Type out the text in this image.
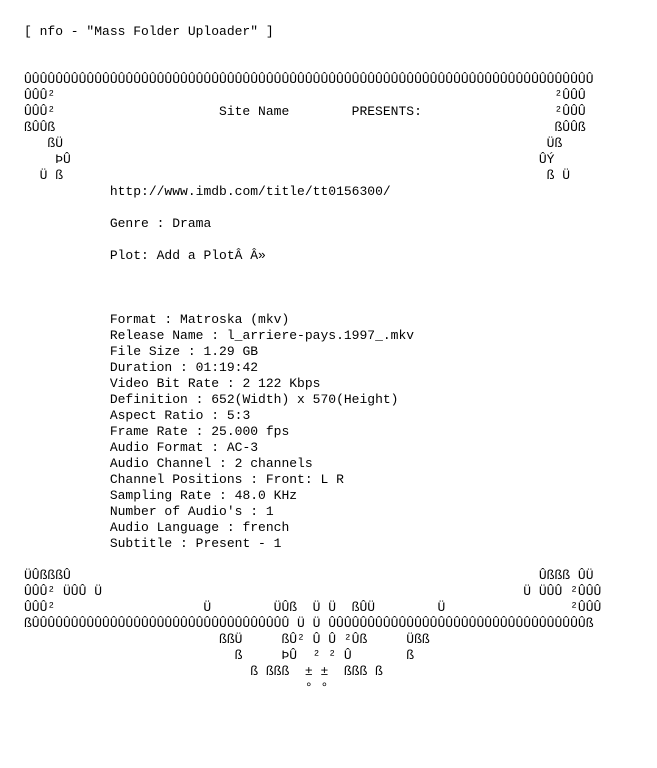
[ nfo - "Mass Folder Uploader" ]
ÛÛÛÛÛÛÛÛÛÛÛÛÛÛÛÛÛÛÛÛÛÛÛÛÛÛÛÛÛÛÛÛÛÛÛÛÛÛÛÛÛÛÛÛÛÛÛÛÛÛÛÛÛÛÛÛÛÛÛÛÛÛÛÛÛÛÛÛÛÛÛÛÛ
ÛÛÛ²                                                                ²ÛÛÛ
ÛÛÛ²                     Site Name        PRESENTS:                 ²ÛÛÛ
ßÛÛß                                                                ßÛÛß
ßÜ                                                              Üß
ÞÛ                                                            ÛÝ
Ü ß                                                              ß Ü
http://www.imdb.com/title/tt0156300/
Genre : Drama
Plot: Add a PlotÂ Â»
Format : Matroska (mkv)
Release Name : l_arriere-pays.1997_.mkv
File Size : 1.29 GB
Duration : 01:19:42
Video Bit Rate : 2 122 Kbps
Definition : 652(Width) x 570(Height)
Aspect Ratio : 5:3
Frame Rate : 25.000 fps
Audio Format : AC-3
Audio Channel : 2 channels
Channel Positions : Front: L R
Sampling Rate : 48.0 KHz
Number of Audio's : 1
Audio Language : french
Subtitle : Present - 1
ÜÛßßßÛ                                                            Ûßßß ÛÜ
ÛÛÛ² ÜÛÛ Ü                                                      Ü ÜÛÛ ²ÛÛÛ
ÛÛÛ²                   Ü        ÜÛß  Ü Ü  ßÛÜ        Ü                ²ÛÛÛ
ßÛÛÛÛÛÛÛÛÛÛÛÛÛÛÛÛÛÛÛÛÛÛÛÛÛÛÛÛÛÛÛÛÛ Ü Ü ÛÛÛÛÛÛÛÛÛÛÛÛÛÛÛÛÛÛÛÛÛÛÛÛÛÛÛÛÛÛÛÛÛß
ßßÜ     ßÛ² Û Û ²Ûß     Üßß
ß     ÞÛ  ² ² Û       ß
ß ßßß  ± ±  ßßß ß
° °
